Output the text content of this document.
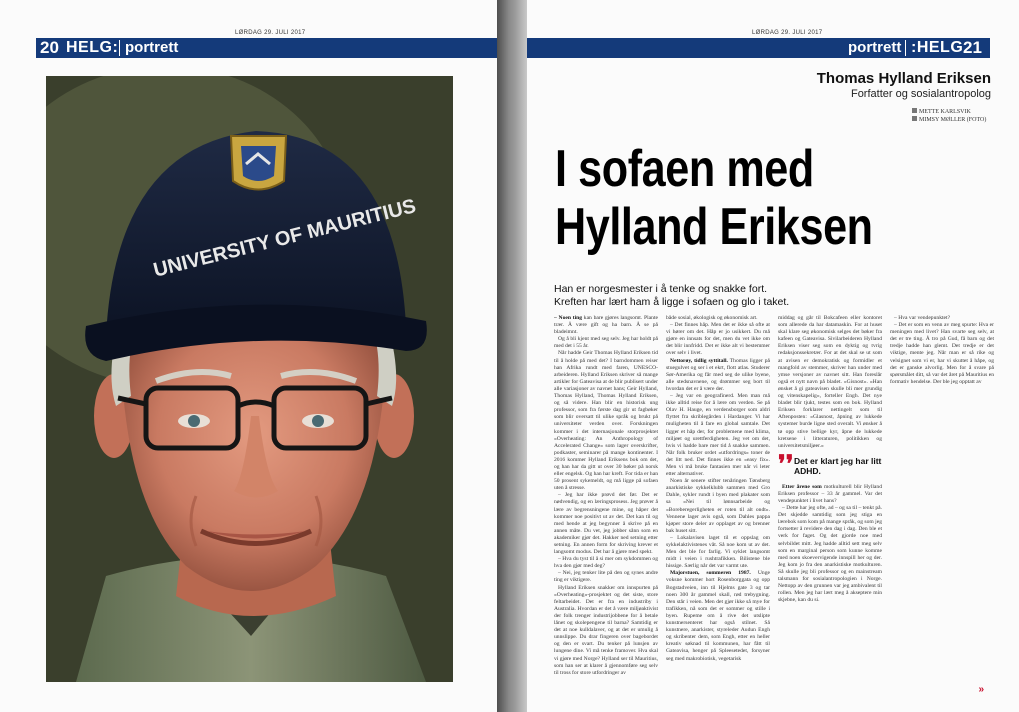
LØRDAG 29. JULI 2017
20 HELG: portrett
UNIVERSITY OF MAURITIUS
LØRDAG 29. JULI 2017
portrett :HELG 21
Thomas Hylland Eriksen
Forfatter og sosialantropolog
METTE KARLSVIK
MIMSY MØLLER (FOTO)
I sofaen med
Hylland Eriksen
Han er norgesmester i å tenke og snakke fort.
Kreften har lært ham å ligge i sofaen og glo i taket.

– Noen ting kan bare gjøres langsomt. Plante trær. Å være gift og ha barn. Å se på bladeimnt.

Og å bli kjent med seg selv. Jeg har holdt på med det i 55 år.

Når hadde Geir Thomas Hylland Eriksen tid til å holde på med det? I barndommen reiser han Afrika rundt med faren, UNESCO-arbeideren. Hylland Eriksen skriver så mange artikler for Gateavisa at de blir publisert under alle variasjoner av navnet hans; Geir Hylland, Thomas Hylland, Thomas Hylland Eriksen, og så videre. Han blir en historisk ung professor, som fra første dag gir ut fagbøker som blir oversatt til ulike språk og brukt på universiteter verden over. Forskningen kommer i det internasjonale storprosjektet «Overheating: An Anthropology of Accelerated Change» som lager overskrifter, podkaster, seminarer på mange kontinenter. I 2016 kommer Hylland Eriksens bok om det, og han har da gitt ut over 30 bøker på norsk eller engelsk. Og han har kreft. For tida er han 50 prosent sykemeldt, og må ligge på sofaen uten å stresse.

– Jeg har ikke prøvd det før. Det er nødvendig, og en læringsprosess. Jeg prøver å lære av begrensningene mine, og håper det kommer noe positivt ut av det. Det kan til og med hende at jeg begynner å skrive på en annen måte. Du vet, jeg jobber sånn som en akademiker gjør det. Hakker ned setning etter setning. En annen form for skriving krever et langsomt modus. Det har å gjøre med spekt.

– Hva du tyst til å si mer om sykdommen og hva den gjør med deg?

– Nei, jeg tenker lite på den og synes andre ting er viktigere.

Hylland Eriksen snakker om innspurten på «Overheating»-prosjektet og det siste, store feltarbeidet. Det er fra en industriby i Australia. Hvordan er det å være miljøaktivist der folk trenger industrijobbene for å betale lånet og skolepengene til barna? Samtidig er det at noe kulldalaver, og at det er umulig å unnslippe. Du drar fingeren over bagebordet og den er svart. Du tenker på lunsjen av lungene dine. Vi må tenke framover. Hva skal vi gjøre med Norge? Hylland ser til Mauritius, som han ser at klarer å gjennomføre seg selv til tross for store utfordringer av

både sosial, økologisk og økonomisk art.

– Det finnes håp. Men det er ikke så ofte at vi hører om det. Håp er jo usikkert. Du må gjøre en innsats for det, men du vet ikke om det blir innfridd. Det er ikke alt vi bestemmer over selv i livet.

Nettorøy, tidlig syttitall. Thomas ligger på stuegulvet og ser i et ekrt, flott atlas. Studerer Sør-Amerika og får med seg de ulike byene, alle stedsnavnene, og drømmer seg bort til hvordan det er å være der.

– Jeg var en geografinerd. Men man må ikke alltid reise for å lære om verden. Se på Olav H. Hauge, en verdensborger som aldri flyttet fra skriblegården i Hardanger. Vi har muligheten til å fare en global samtale. Det ligger et håp der, for problemene med klima, miljøet og urettferdigheten. Jeg vet om det, hvis vi hadde bare mer tid å snakke sammen. Når folk bruker ordet «utfordrings» toner de det litt ned. Det finnes ikke en «easy fix». Men vi må bruke fantasien mer når vi leter etter alternativer.

Noen år senere stifter tenåringen Tønsberg anarkistiske sykkelklubb sammen med Gro Dahle, sykler rundt i byen med plakater som sa «Nei til lønnsarbeide og «Boreberegerligheten er roten til alt ondt». Vennene lager avis også, som Dahles pappa kjøper store deler av opplaget av og brenner bak huset sitt.

– Lokalavisen laget til et oppslag om sykkelaktivistenes våt. Så noe kom ut av det. Men det ble for farlig. Vi syklet langsomt midt i veien i rushtrafikken. Bilistene ble hissige. Særlig når det var varmt ute.

Majorstuen, sommeren 1987. Unge voksne kommer hort Rosenborggata og opp Bogstadveien, inn til Hjelms gate 3 og tar noen 300 år gammel skall, rød trebygning. Den står i veien. Men det gjør ikke så mye for trafikken, nå som det er sommer og stille i byen. Rupeme om å rive det utslipte kunstnersenteret har også stilnet. Så kunstnere, anarkister, styreleder Audun Engh og skribenter dem, som Engh, etter en heller kreativ søknad til kommunen, har fått til Gateavisa, henger på Spleesetedet, forsyner seg med makrobiotisk, vegetarisk

middag og går til Bokcafeen eller kontoret som allerede da har datamaskin. For at huset skal klare seg økonomisk selges det bøker fra kafeen og Gateavisa. Sivilarbeideren Hylland Eriksen viser seg som en dyktig og tvrig redaksjonssekretær. For at det skal se ut som at avisen er demokratisk og formidler et mangfold av stemmer, skriver han under med ymse versjoner av navnet sitt. Han foreslår også et nytt navn på bladet. «Gisnost». «Han ønsket å gi gateavisen skulle bli mer grundig og vitenskapelig», forteller Engh. Det nye bladet blir tjukt, testes som en bok. Hylland Eriksen forklarer nettingelt som til Aftenposten: «Glasnost, åpning av lukkede systemer burde ligne sted overalt. Vi ønsker å tø opp stive bellige kyr, åpne de lukkede kretsene i litteraturen, politikken og universitetsmiljøer.»

❜❜ Det er klart jeg har litt ADHD.

Etter årene som motkulturell blir Hylland Eriksen professor – 33 år gammel. Var det vendepunktet i livet hans?

– Dette har jeg ofte, ad – og sa til – tenkt på. Det skjedde samtidig som jeg stiga en lærebok som kom på mange språk, og som jeg fortsetter å revidere den dag i dag. Den ble et verk for faget. Og det gjorde noe med selvbildet mitt. Jeg hadde alltid sett meg selv som en marginal person som kunne komme med noen skoevervigende innspill her og der. Jeg kom jo fra den anarkistiske motkulturen. Så skulle jeg bli professor og en mainstream talsmann for sosialantropologien i Norge. Nettopp av den grunnen var jeg ambivalent til rollen. Men jeg har lært meg å akseptere min skjebne, kan du si.

– Hva var vendepunktet?

– Det er som en venn av meg spurte: Hva er meningen med livet? Han svarte seg selv, at det er tre ting. Å tro på Gud, få barn og det tredje hadde han glemt. Det tredje er det viktige, mente jeg. Når man er så rike og velsignet som vi er, har vi skuttet å håpe, og det er ganske alvorlig. Men for å svare på spørsmålet ditt, så var det året på Mauritius en formativ hendelse. Der ble jeg opptatt av

»
